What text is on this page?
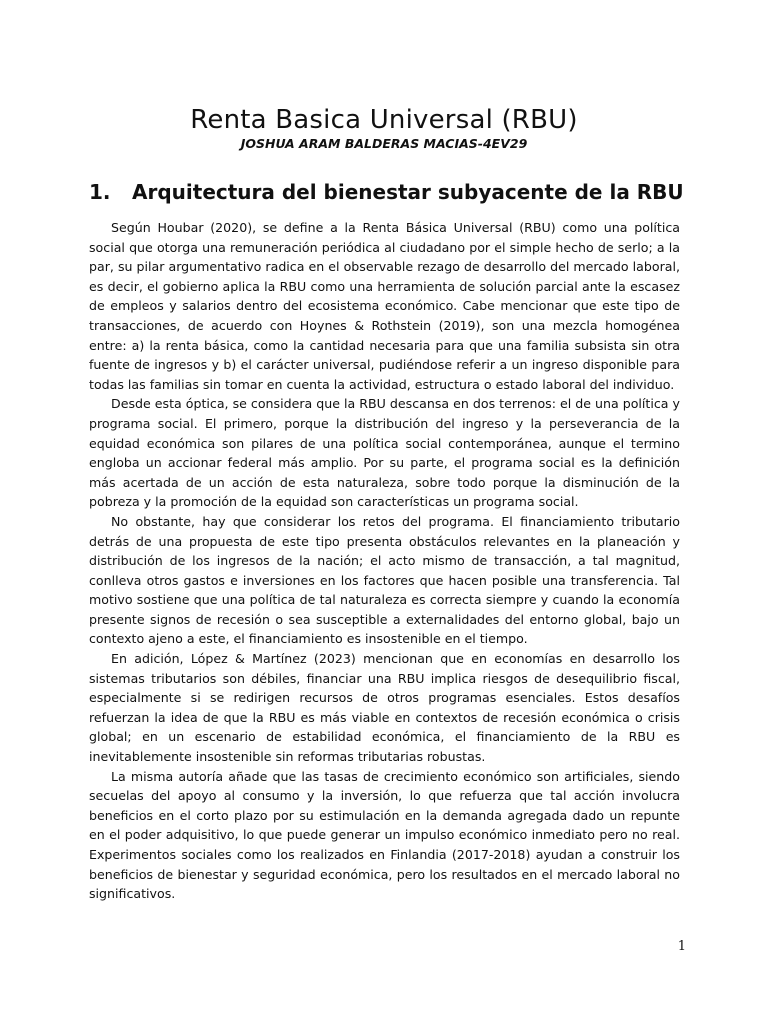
Renta Basica Universal (RBU)
JOSHUA ARAM BALDERAS MACIAS-4EV29
1. Arquitectura del bienestar subyacente de la RBU

Según Houbar (2020), se define a la Renta Básica Universal (RBU) como una política social que otorga una remuneración periódica al ciudadano por el simple hecho de serlo; a la par, su pilar argumentativo radica en el observable rezago de desarrollo del mercado laboral, es decir, el gobierno aplica la RBU como una herramienta de solución parcial ante la escasez de empleos y salarios dentro del ecosistema económico. Cabe mencionar que este tipo de transacciones, de acuerdo con Hoynes & Rothstein (2019), son una mezcla homogénea entre: a) la renta básica, como la cantidad necesaria para que una familia subsista sin otra fuente de ingresos y b) el carácter universal, pudiéndose referir a un ingreso disponible para todas las familias sin tomar en cuenta la actividad, estructura o estado laboral del individuo.

Desde esta óptica, se considera que la RBU descansa en dos terrenos: el de una política y programa social. El primero, porque la distribución del ingreso y la perseverancia de la equidad económica son pilares de una política social contemporánea, aunque el termino engloba un accionar federal más amplio. Por su parte, el programa social es la definición más acertada de un acción de esta naturaleza, sobre todo porque la disminución de la pobreza y la promoción de la equidad son características un programa social.

No obstante, hay que considerar los retos del programa. El financiamiento tributario detrás de una propuesta de este tipo presenta obstáculos relevantes en la planeación y distribución de los ingresos de la nación; el acto mismo de transacción, a tal magnitud, conlleva otros gastos e inversiones en los factores que hacen posible una transferencia. Tal motivo sostiene que una política de tal naturaleza es correcta siempre y cuando la economía presente signos de recesión o sea susceptible a externalidades del entorno global, bajo un contexto ajeno a este, el financiamiento es insostenible en el tiempo.

En adición, López & Martínez (2023) mencionan que en economías en desarrollo los sistemas tributarios son débiles, financiar una RBU implica riesgos de desequilibrio fiscal, especialmente si se redirigen recursos de otros programas esenciales. Estos desafíos refuerzan la idea de que la RBU es más viable en contextos de recesión económica o crisis global; en un escenario de estabilidad económica, el financiamiento de la RBU es inevitablemente insostenible sin reformas tributarias robustas.

La misma autoría añade que las tasas de crecimiento económico son artificiales, siendo secuelas del apoyo al consumo y la inversión, lo que refuerza que tal acción involucra beneficios en el corto plazo por su estimulación en la demanda agregada dado un repunte en el poder adquisitivo, lo que puede generar un impulso económico inmediato pero no real. Experimentos sociales como los realizados en Finlandia (2017-2018) ayudan a construir los beneficios de bienestar y seguridad económica, pero los resultados en el mercado laboral no significativos.

1
